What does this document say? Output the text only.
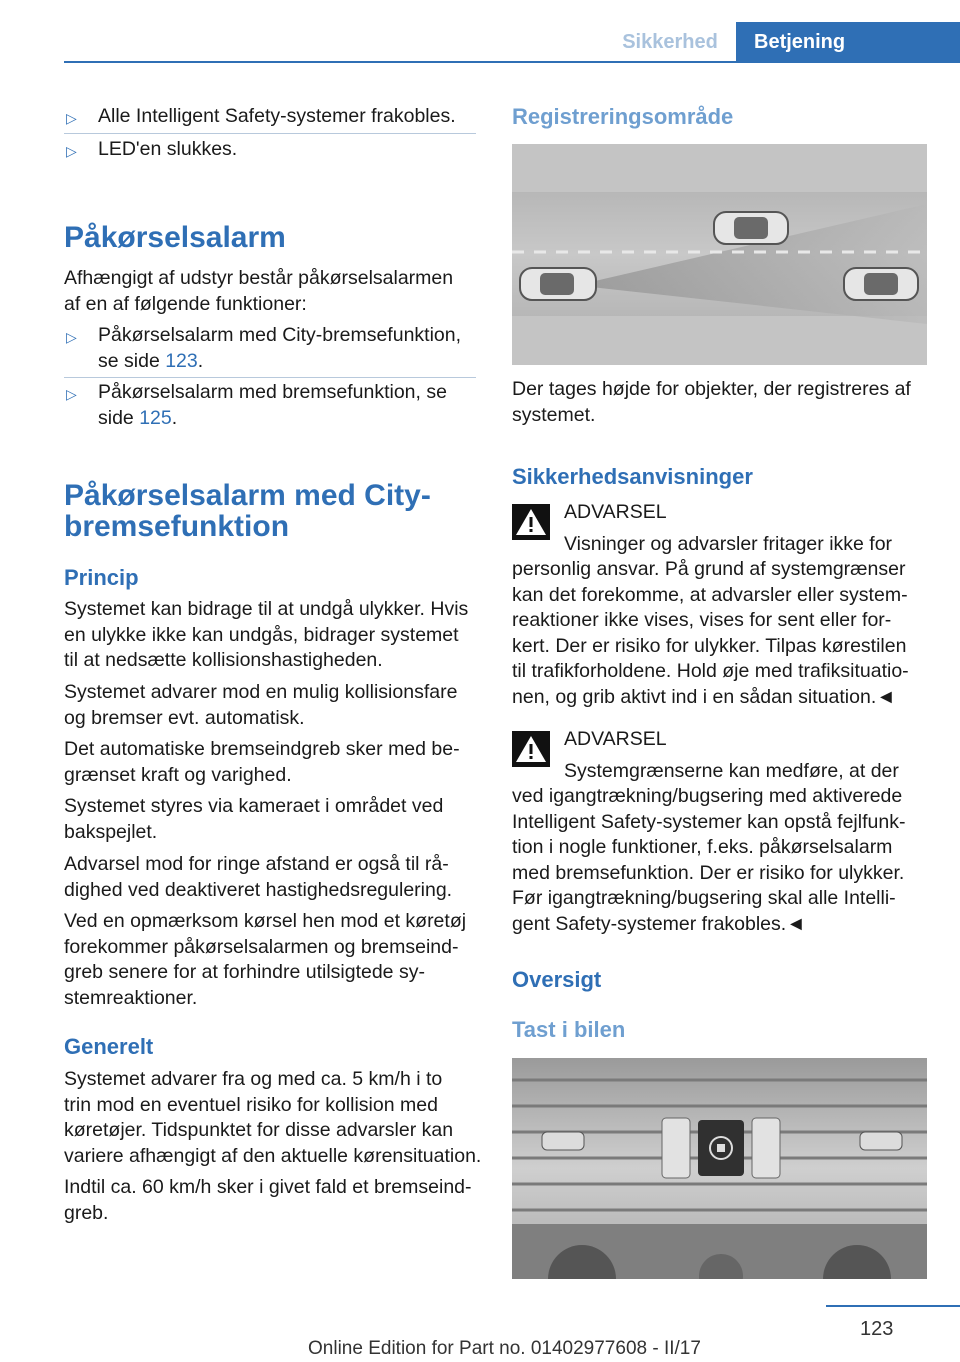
Sikkerhed	Betjening
▷ Alle Intelligent Safety-systemer frakobles.
▷ LED'en slukkes.
Påkørselsalarm
Afhængigt af udstyr består påkørselsalarmen
af en af følgende funktioner:
▷ Påkørselsalarm med City-bremsefunktion,
se side 123.
▷ Påkørselsalarm med bremsefunktion, se
side 125.
Påkørselsalarm med City-
bremsefunktion
Princip
Systemet kan bidrage til at undgå ulykker. Hvis
en ulykke ikke kan undgås, bidrager systemet
til at nedsætte kollisionshastigheden.
Systemet advarer mod en mulig kollisionsfare
og bremser evt. automatisk.
Det automatiske bremseindgreb sker med be-
grænset kraft og varighed.
Systemet styres via kameraet i området ved
bakspejlet.
Advarsel mod for ringe afstand er også til rå-
dighed ved deaktiveret hastighedsregulering.
Ved en opmærksom kørsel hen mod et køretøj
forekommer påkørselsalarmen og bremseind-
greb senere for at forhindre utilsigtede sy-
stemreaktioner.
Generelt
Systemet advarer fra og med ca. 5 km/h i to
trin mod en eventuel risiko for kollision med
køretøjer. Tidspunktet for disse advarsler kan
variere afhængigt af den aktuelle kørensituation.
Indtil ca. 60 km/h sker i givet fald et bremseind-
greb.
Registreringsområde
Der tages højde for objekter, der registreres af
systemet.
Sikkerhedsanvisninger
ADVARSEL
Visninger og advarsler fritager ikke for
personlig ansvar. På grund af systemgrænser
kan det forekomme, at advarsler eller system-
reaktioner ikke vises, vises for sent eller for-
kert. Der er risiko for ulykker. Tilpas kørestilen
til trafikforholdene. Hold øje med trafiksituatio-
nen, og grib aktivt ind i en sådan situation.◄
ADVARSEL
Systemgrænserne kan medføre, at der
ved igangtrækning/bugsering med aktiverede
Intelligent Safety-systemer kan opstå fejlfunk-
tion i nogle funktioner, f.eks. påkørselsalarm
med bremsefunktion. Der er risiko for ulykker.
Før igangtrækning/bugsering skal alle Intelli-
gent Safety-systemer frakobles.◄
Oversigt
Tast i bilen
123
Online Edition for Part no. 01402977608 - II/17
